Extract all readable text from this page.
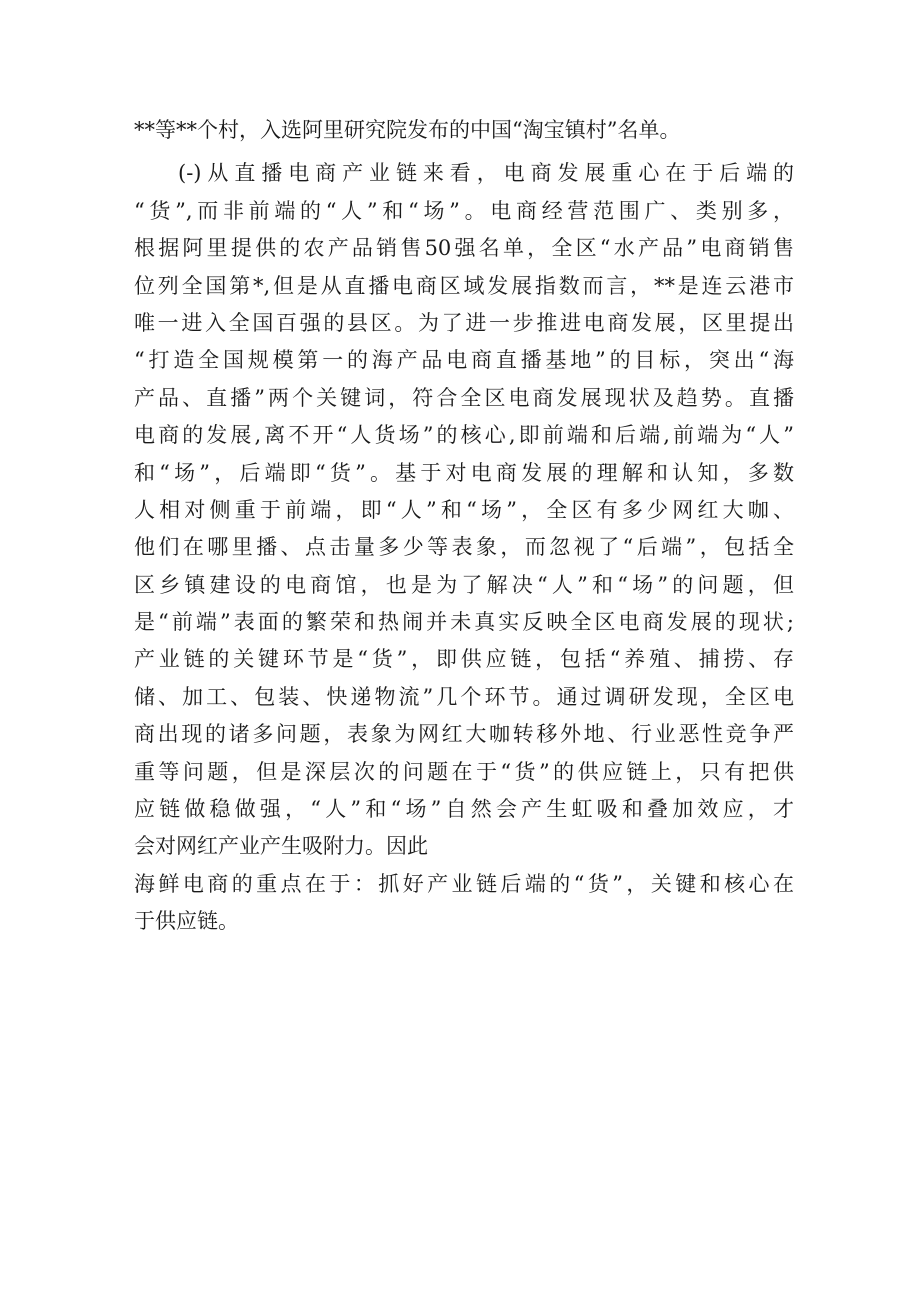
**等**个村，入选阿里研究院发布的中国“淘宝镇村”名单。
(-)从直播电商产业链来看，电商发展重心在于后端的
“货”,而非前端的“人”和“场”。电商经营范围广、类别多，
根据阿里提供的农产品销售50强名单，全区“水产品”电商销售
位列全国第*,但是从直播电商区域发展指数而言，**是连云港市
唯一进入全国百强的县区。为了进一步推进电商发展，区里提出
“打造全国规模第一的海产品电商直播基地”的目标，突出“海
产品、直播”两个关键词，符合全区电商发展现状及趋势。直播
电商的发展,离不开“人货场”的核心,即前端和后端,前端为“人”
和“场”，后端即“货”。基于对电商发展的理解和认知，多数
人相对侧重于前端，即“人”和“场”，全区有多少网红大咖、
他们在哪里播、点击量多少等表象，而忽视了“后端”，包括全
区乡镇建设的电商馆，也是为了解决“人”和“场”的问题，但
是“前端”表面的繁荣和热闹并未真实反映全区电商发展的现状;
产业链的关键环节是“货”，即供应链，包括“养殖、捕捞、存
储、加工、包装、快递物流”几个环节。通过调研发现，全区电
商出现的诸多问题，表象为网红大咖转移外地、行业恶性竞争严
重等问题，但是深层次的问题在于“货”的供应链上，只有把供
应链做稳做强，“人”和“场”自然会产生虹吸和叠加效应，才
会对网红产业产生吸附力。因此
海鲜电商的重点在于：抓好产业链后端的“货”，关键和核心在
于供应链。
